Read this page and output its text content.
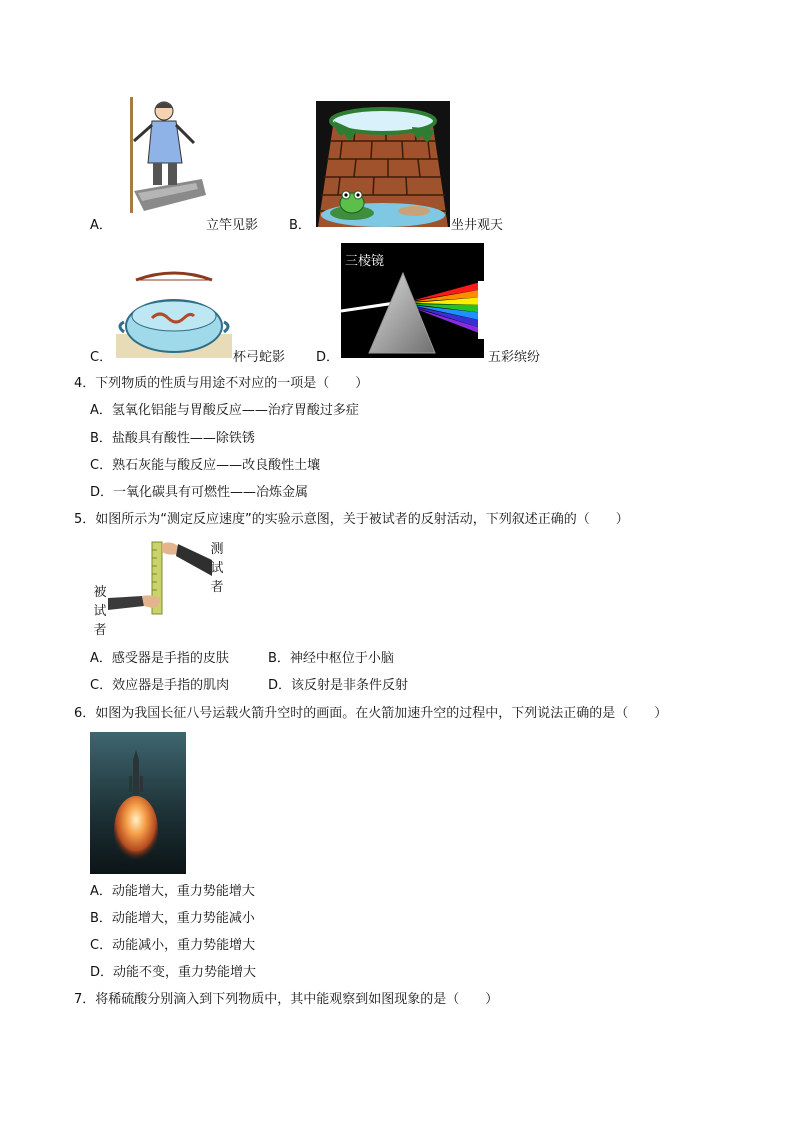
A．	立竿见影 B．	坐井观天
C．	杯弓蛇影 D．
三棱镜
五彩缤纷
4．下列物质的性质与用途不对应的一项是（　　）
A．氢氧化铝能与胃酸反应——治疗胃酸过多症
B．盐酸具有酸性——除铁锈
C．熟石灰能与酸反应——改良酸性土壤
D．一氧化碳具有可燃性——冶炼金属
5．如图所示为“测定反应速度”的实验示意图，关于被试者的反射活动，下列叙述正确的（　　）
测试者
被试者
A．感受器是手指的皮肤	B．神经中枢位于小脑
C．效应器是手指的肌肉	D．该反射是非条件反射
6．如图为我国长征八号运载火箭升空时的画面。在火箭加速升空的过程中，下列说法正确的是（　　）
A．动能增大，重力势能增大
B．动能增大，重力势能减小
C．动能减小，重力势能增大
D．动能不变，重力势能增大
7．将稀硫酸分别滴入到下列物质中，其中能观察到如图现象的是（　　）
